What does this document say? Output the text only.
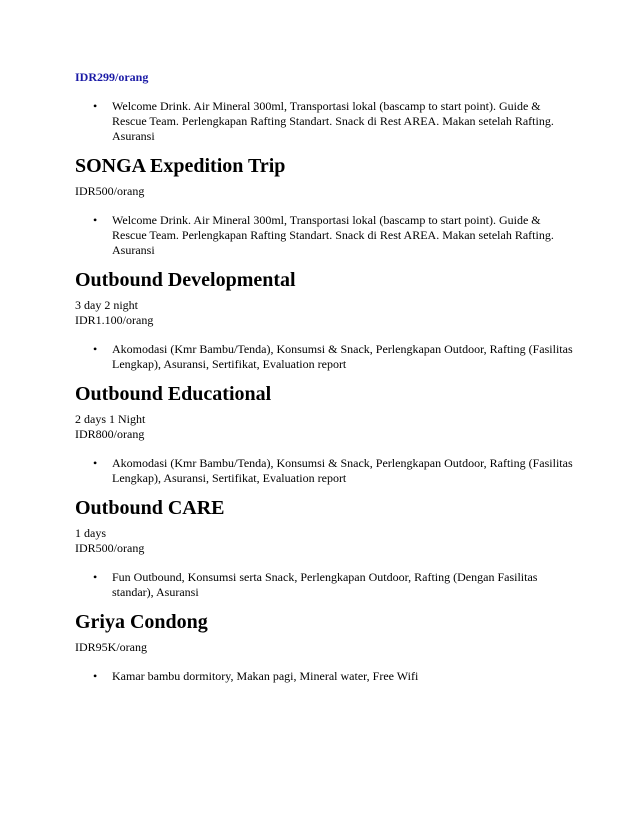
IDR299/orang

• Welcome Drink. Air Mineral 300ml, Transportasi lokal (bascamp to start point). Guide & Rescue Team. Perlengkapan Rafting Standart. Snack di Rest AREA. Makan setelah Rafting. Asuransi
SONGA Expedition Trip

IDR500/orang

• Welcome Drink. Air Mineral 300ml, Transportasi lokal (bascamp to start point). Guide & Rescue Team. Perlengkapan Rafting Standart. Snack di Rest AREA. Makan setelah Rafting. Asuransi
Outbound Developmental

3 day 2 night

IDR1.100/orang

• Akomodasi (Kmr Bambu/Tenda), Konsumsi & Snack, Perlengkapan Outdoor, Rafting (Fasilitas Lengkap), Asuransi, Sertifikat, Evaluation report
Outbound Educational

2 days 1 Night

IDR800/orang

• Akomodasi (Kmr Bambu/Tenda), Konsumsi & Snack, Perlengkapan Outdoor, Rafting (Fasilitas Lengkap), Asuransi, Sertifikat, Evaluation report
Outbound CARE

1 days

IDR500/orang

• Fun Outbound, Konsumsi serta Snack, Perlengkapan Outdoor, Rafting (Dengan Fasilitas standar), Asuransi
Griya Condong

IDR95K/orang

• Kamar bambu dormitory, Makan pagi, Mineral water, Free Wifi
